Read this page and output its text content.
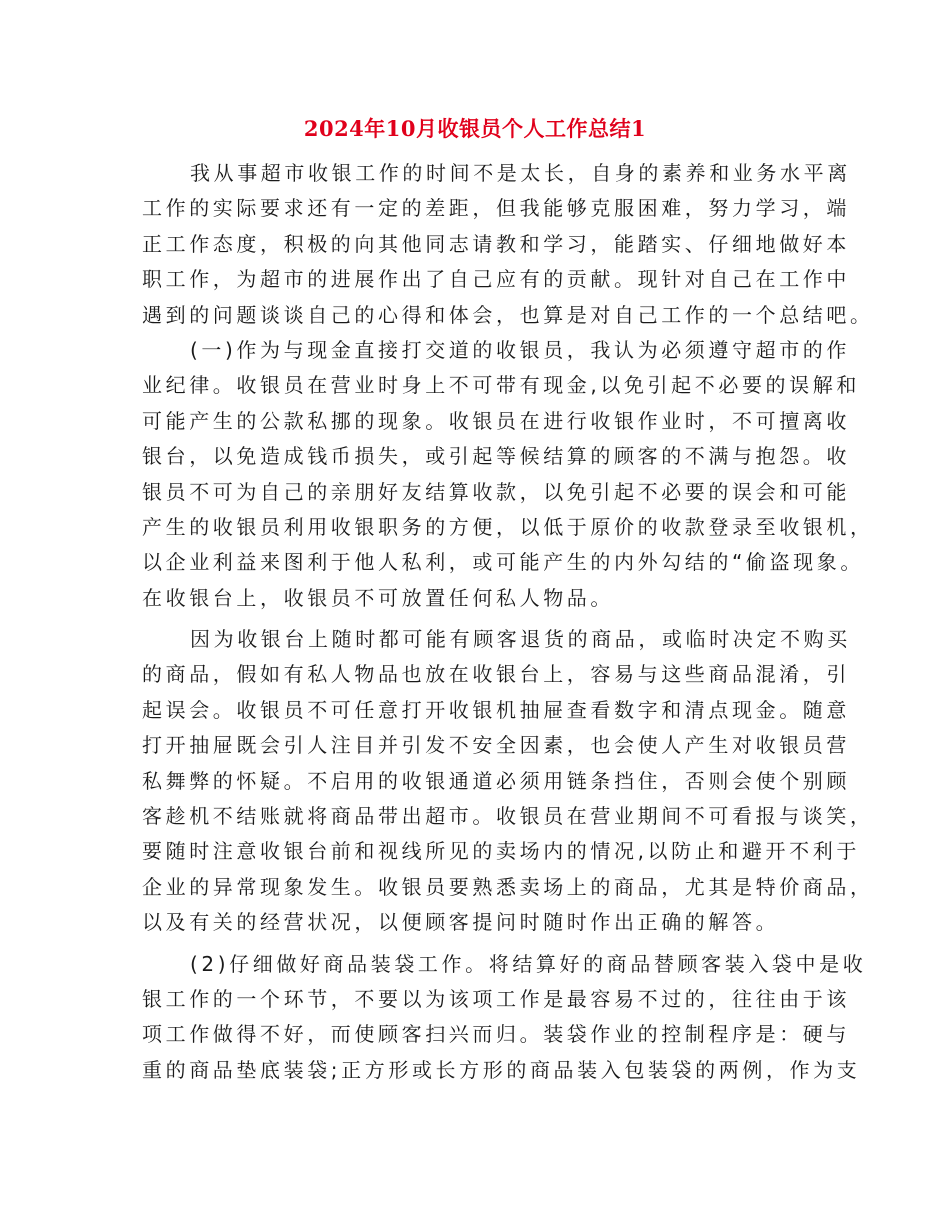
2024年10月收银员个人工作总结1
我从事超市收银工作的时间不是太长，自身的素养和业务水平离
工作的实际要求还有一定的差距，但我能够克服困难，努力学习，端
正工作态度，积极的向其他同志请教和学习，能踏实、仔细地做好本
职工作，为超市的进展作出了自己应有的贡献。现针对自己在工作中
遇到的问题谈谈自己的心得和体会，也算是对自己工作的一个总结吧。
(一)作为与现金直接打交道的收银员，我认为必须遵守超市的作
业纪律。收银员在营业时身上不可带有现金,以免引起不必要的误解和
可能产生的公款私挪的现象。收银员在进行收银作业时，不可擅离收
银台，以免造成钱币损失，或引起等候结算的顾客的不满与抱怨。收
银员不可为自己的亲朋好友结算收款，以免引起不必要的误会和可能
产生的收银员利用收银职务的方便，以低于原价的收款登录至收银机，
以企业利益来图利于他人私利，或可能产生的内外勾结的“偷盗现象。
在收银台上，收银员不可放置任何私人物品。
因为收银台上随时都可能有顾客退货的商品，或临时决定不购买
的商品，假如有私人物品也放在收银台上，容易与这些商品混淆，引
起误会。收银员不可任意打开收银机抽屉查看数字和清点现金。随意
打开抽屉既会引人注目并引发不安全因素，也会使人产生对收银员营
私舞弊的怀疑。不启用的收银通道必须用链条挡住，否则会使个别顾
客趁机不结账就将商品带出超市。收银员在营业期间不可看报与谈笑，
要随时注意收银台前和视线所见的卖场内的情况,以防止和避开不利于
企业的异常现象发生。收银员要熟悉卖场上的商品，尤其是特价商品，
以及有关的经营状况，以便顾客提问时随时作出正确的解答。
(2)仔细做好商品装袋工作。将结算好的商品替顾客装入袋中是收
银工作的一个环节，不要以为该项工作是最容易不过的，往往由于该
项工作做得不好，而使顾客扫兴而归。装袋作业的控制程序是：硬与
重的商品垫底装袋;正方形或长方形的商品装入包装袋的两例，作为支
